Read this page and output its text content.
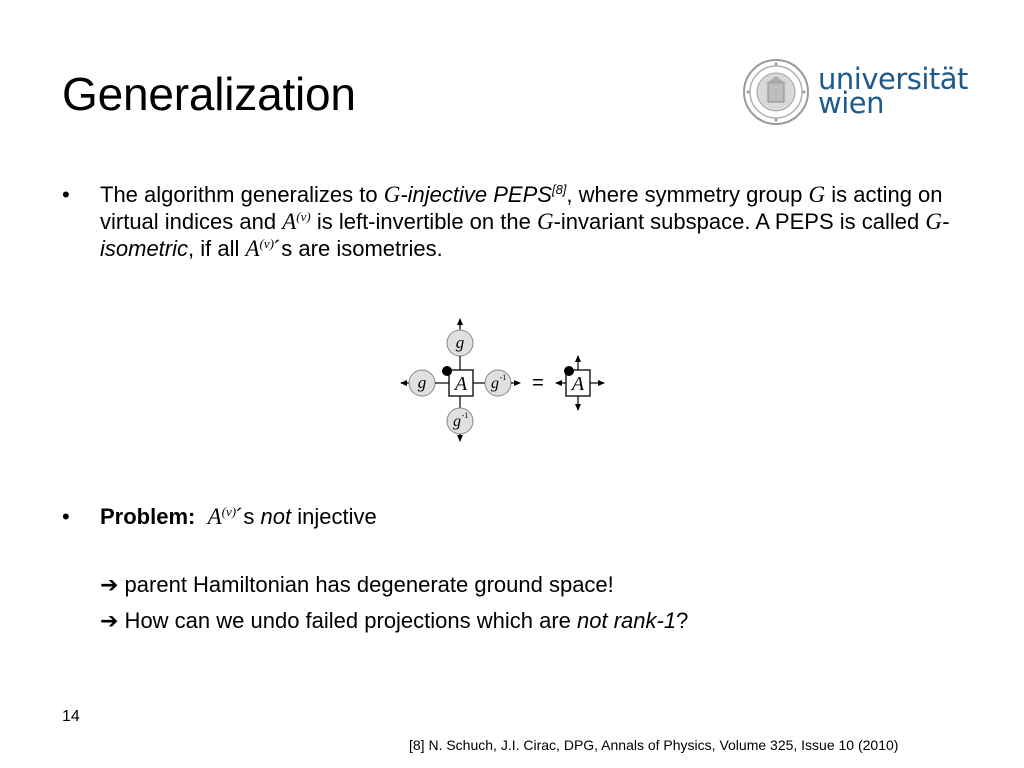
Generalization	universität
wien
• The algorithm generalizes to G-injective PEPS[8], where symmetry group G is acting on virtual indices and $A^{(v)}$ is left-invertible on the G-invariant subspace. A PEPS is called G-isometric, if all $A^{(v)}´s$ are isometries.
g
g A g -1
g -1
= A
• Problem: $A^{(v)}´s$ not injective
➔ parent Hamiltonian has degenerate ground space!
➔ How can we undo failed projections which are not rank-1?
14
[8] N. Schuch, J.I. Cirac, DPG, Annals of Physics, Volume 325, Issue 10 (2010)
